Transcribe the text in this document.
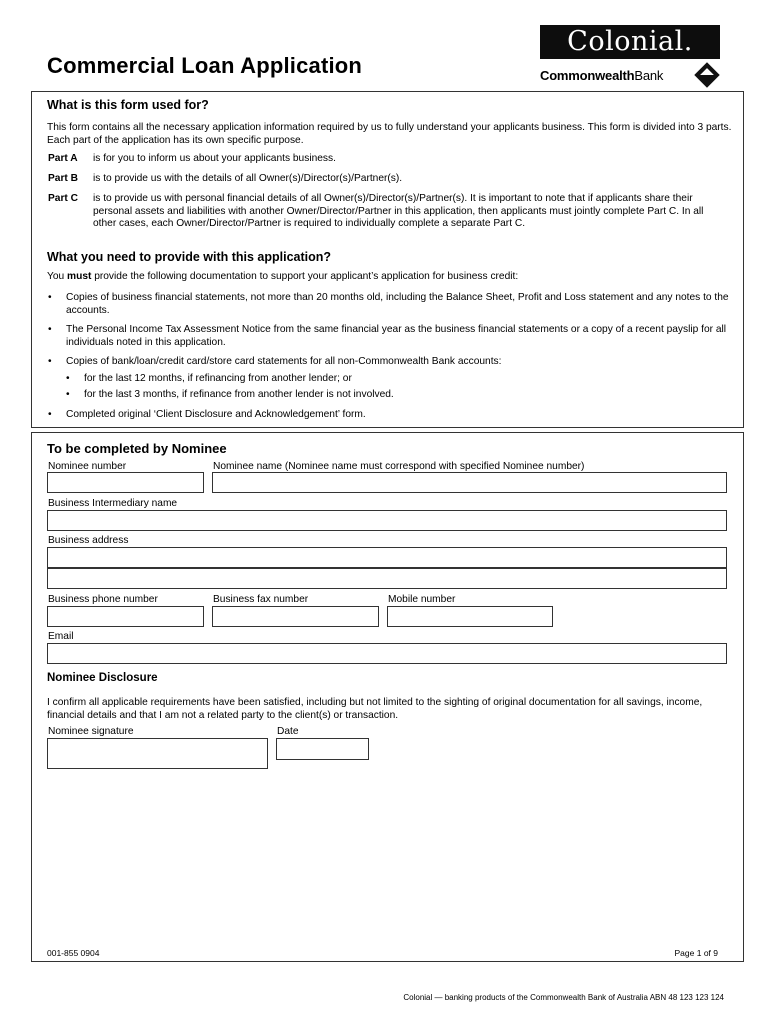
Commercial Loan Application
Colonial.
CommonwealthBank
What is this form used for?
This form contains all the necessary application information required by us to fully understand your applicants business. This form is divided into 3 parts. Each part of the application has its own specific purpose.
Part A is for you to inform us about your applicants business.
Part B is to provide us with the details of all Owner(s)/Director(s)/Partner(s).
Part C is to provide us with personal financial details of all Owner(s)/Director(s)/Partner(s). It is important to note that if applicants share their personal assets and liabilities with another Owner/Director/Partner in this application, then applicants must jointly complete Part C. In all other cases, each Owner/Director/Partner is required to individually complete a separate Part C.
What you need to provide with this application?
You must provide the following documentation to support your applicant’s application for business credit:
• Copies of business financial statements, not more than 20 months old, including the Balance Sheet, Profit and Loss statement and any notes to the accounts.
• The Personal Income Tax Assessment Notice from the same financial year as the business financial statements or a copy of a recent payslip for all individuals noted in this application.
• Copies of bank/loan/credit card/store card statements for all non-Commonwealth Bank accounts:
• for the last 12 months, if refinancing from another lender; or
• for the last 3 months, if refinance from another lender is not involved.
• Completed original ‘Client Disclosure and Acknowledgement’ form.
To be completed by Nominee
Nominee number	Nominee name (Nominee name must correspond with specified Nominee number)
Business Intermediary name
Business address
Business phone number	Business fax number	Mobile number
Email
Nominee Disclosure
I confirm all applicable requirements have been satisfied, including but not limited to the sighting of original documentation for all savings, income, financial details and that I am not a related party to the client(s) or transaction.
Nominee signature	Date
001-855 0904	Page 1 of 9
Colonial — banking products of the Commonwealth Bank of Australia ABN 48 123 123 124
